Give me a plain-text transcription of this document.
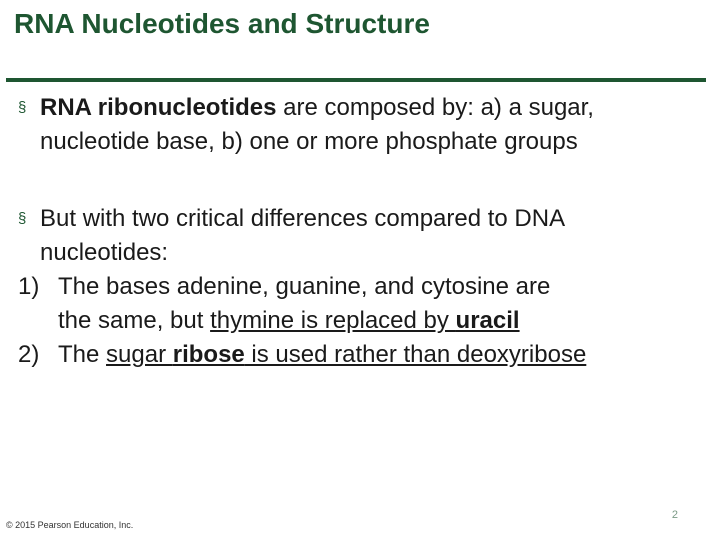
RNA Nucleotides and Structure
§ RNA ribonucleotides are composed by: a) a sugar,
nucleotide base, b) one or more phosphate groups
§ But with two critical differences compared to DNA
nucleotides:
1) The bases adenine, guanine, and cytosine are
the same, but thymine is replaced by uracil
2) The sugar ribose is used rather than deoxyribose
2
© 2015 Pearson Education, Inc.
